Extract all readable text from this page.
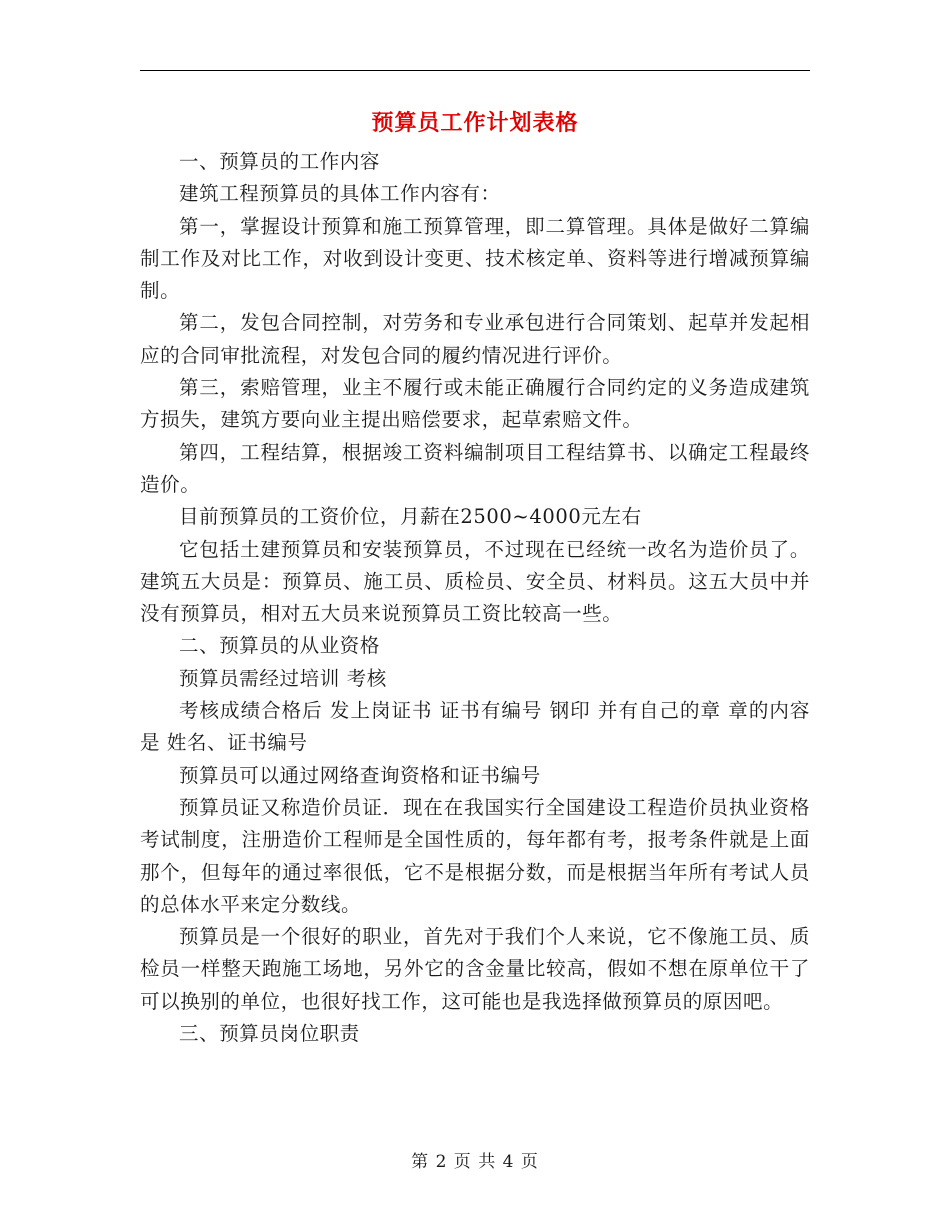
预算员工作计划表格

一、预算员的工作内容

建筑工程预算员的具体工作内容有：

第一，掌握设计预算和施工预算管理，即二算管理。具体是做好二算编制工作及对比工作，对收到设计变更、技术核定单、资料等进行增减预算编制。

第二，发包合同控制，对劳务和专业承包进行合同策划、起草并发起相应的合同审批流程，对发包合同的履约情况进行评价。

第三，索赔管理，业主不履行或未能正确履行合同约定的义务造成建筑方损失，建筑方要向业主提出赔偿要求，起草索赔文件。

第四，工程结算，根据竣工资料编制项目工程结算书、以确定工程最终造价。

目前预算员的工资价位，月薪在2500~4000元左右

它包括土建预算员和安装预算员，不过现在已经统一改名为造价员了。建筑五大员是：预算员、施工员、质检员、安全员、材料员。这五大员中并没有预算员，相对五大员来说预算员工资比较高一些。

二、预算员的从业资格

预算员需经过培训 考核

考核成绩合格后 发上岗证书 证书有编号 钢印 并有自己的章 章的内容是 姓名、证书编号

预算员可以通过网络查询资格和证书编号

预算员证又称造价员证．现在在我国实行全国建设工程造价员执业资格考试制度，注册造价工程师是全国性质的，每年都有考，报考条件就是上面那个，但每年的通过率很低，它不是根据分数，而是根据当年所有考试人员的总体水平来定分数线。

预算员是一个很好的职业，首先对于我们个人来说，它不像施工员、质检员一样整天跑施工场地，另外它的含金量比较高，假如不想在原单位干了可以换别的单位，也很好找工作，这可能也是我选择做预算员的原因吧。

三、预算员岗位职责

第 2 页 共 4 页
